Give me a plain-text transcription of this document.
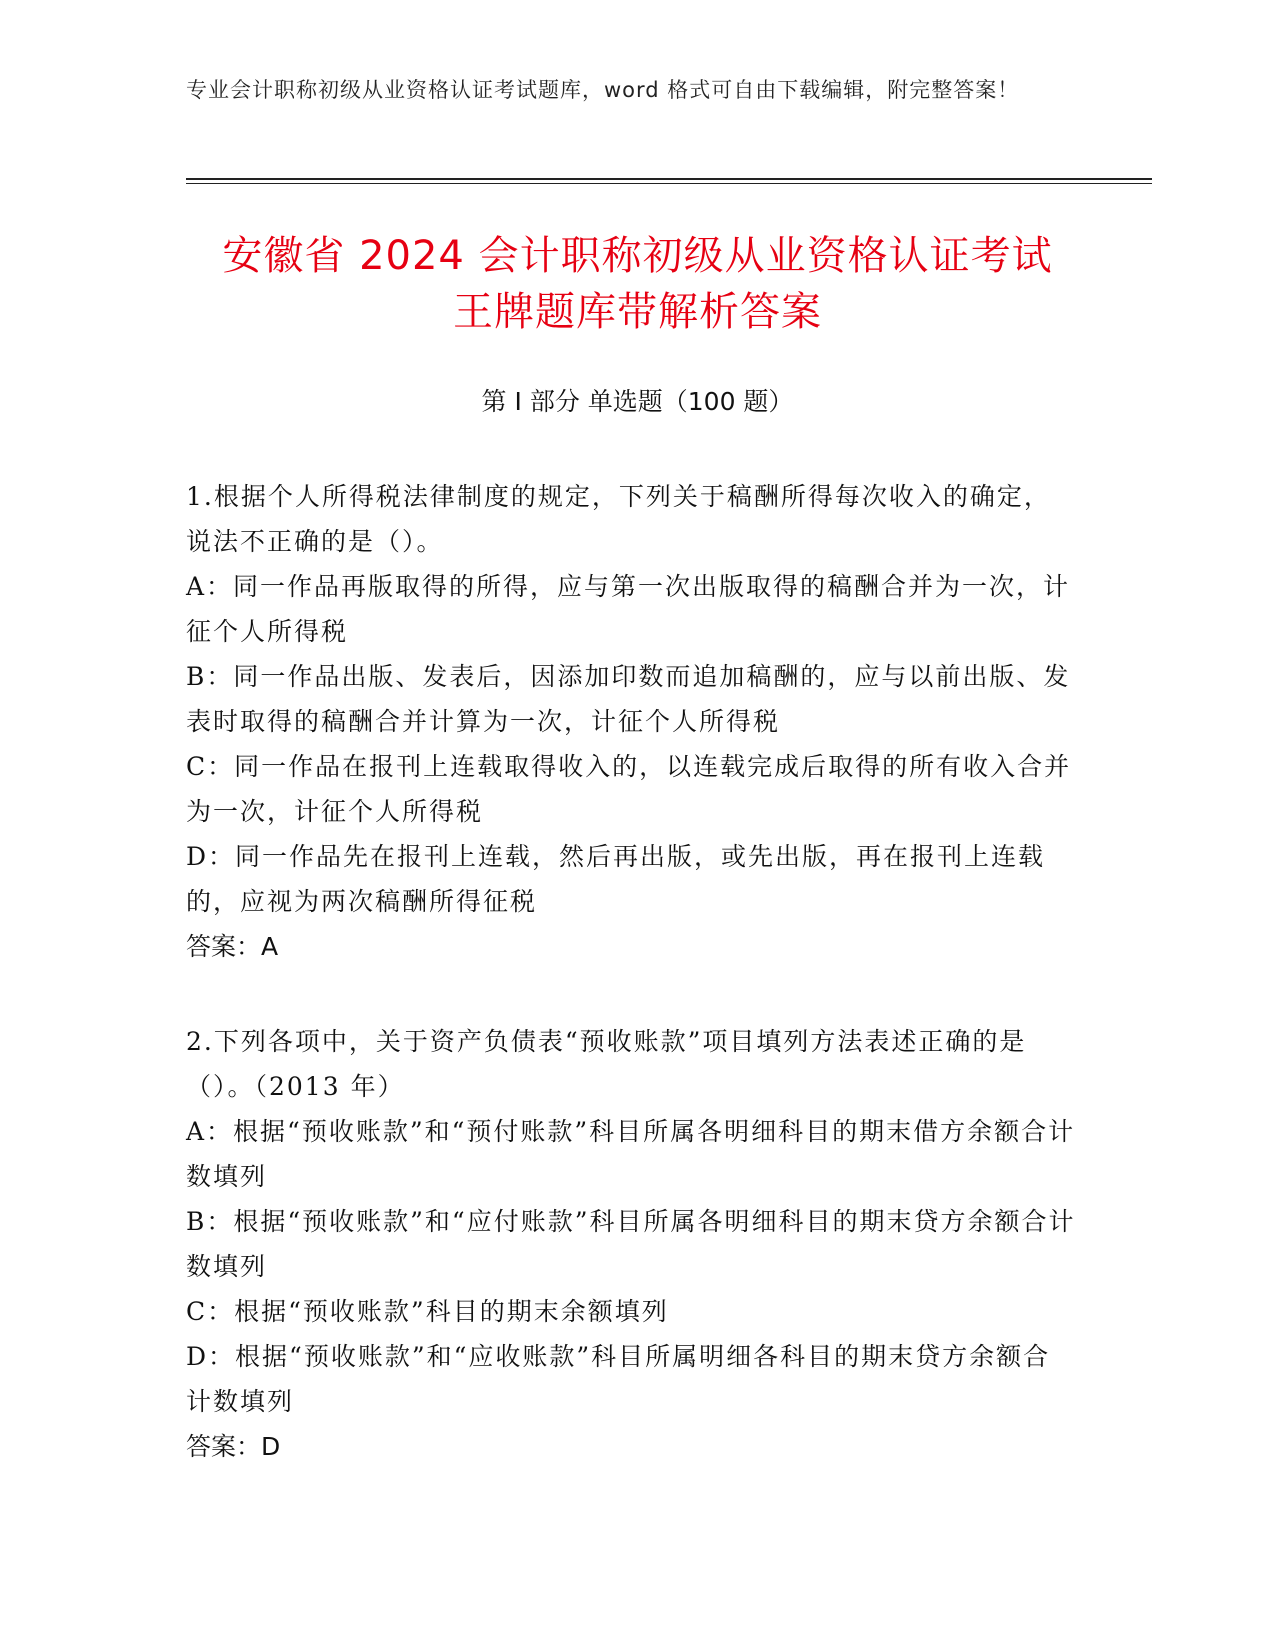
专业会计职称初级从业资格认证考试题库，word 格式可自由下载编辑，附完整答案！
安徽省 2024 会计职称初级从业资格认证考试
王牌题库带解析答案
第 I 部分 单选题（100 题）

1.根据个人所得税法律制度的规定，下列关于稿酬所得每次收入的确定，说法不正确的是（）。

A：同一作品再版取得的所得，应与第一次出版取得的稿酬合并为一次，计征个人所得税

B：同一作品出版、发表后，因添加印数而追加稿酬的，应与以前出版、发表时取得的稿酬合并计算为一次，计征个人所得税

C：同一作品在报刊上连载取得收入的，以连载完成后取得的所有收入合并为一次，计征个人所得税

D：同一作品先在报刊上连载，然后再出版，或先出版，再在报刊上连载的，应视为两次稿酬所得征税

答案：A

2.下列各项中，关于资产负债表“预收账款”项目填列方法表述正确的是（）。（2013 年）

A：根据“预收账款”和“预付账款”科目所属各明细科目的期末借方余额合计数填列

B：根据“预收账款”和“应付账款”科目所属各明细科目的期末贷方余额合计数填列

C：根据“预收账款”科目的期末余额填列

D：根据“预收账款”和“应收账款”科目所属明细各科目的期末贷方余额合计数填列

答案：D
